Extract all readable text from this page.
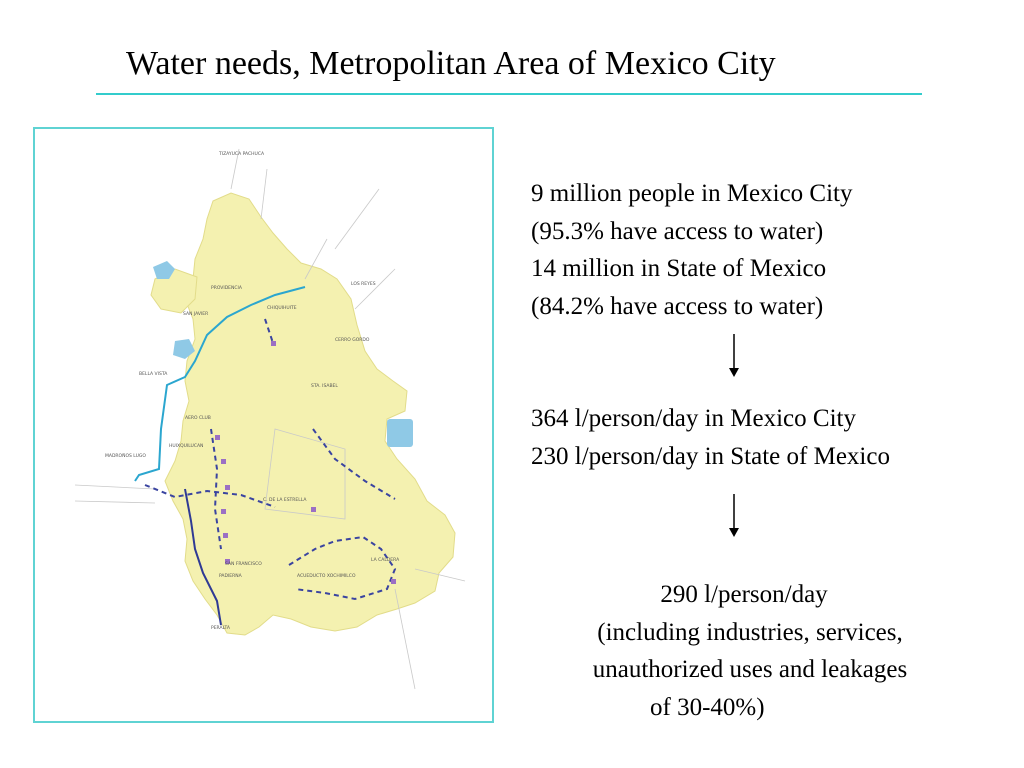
Water needs, Metropolitan Area of Mexico City
TIZAYUCA PACHUCA
PROVIDENCIA
SAN JAVIER
BELLA VISTA
AERO CLUB
HUIXQUILUCAN
MADROÑOS LUGO
STA. ISABEL
CERRO GORDO
CHIQUIHUITE
LOS REYES
C. DE LA ESTRELLA
SAN FRANCISCO
PADIERNA
PERALTA
LA CALDERA
ACUEDUCTO XOCHIMILCO
9 million people in Mexico City
(95.3% have access to water)
14 million in State of Mexico
(84.2% have access to water)
364 l/person/day in Mexico City
230 l/person/day in State of Mexico
290 l/person/day
(including industries, services,
unauthorized uses and leakages
of 30-40%)
